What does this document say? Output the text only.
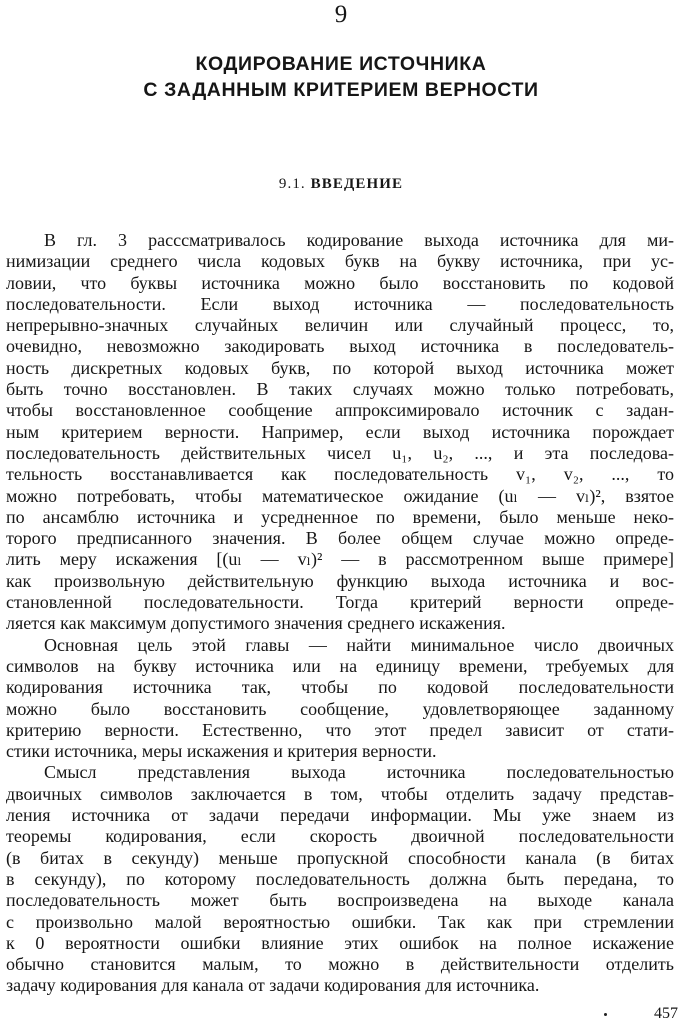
9
КОДИРОВАНИЕ ИСТОЧНИКА
С ЗАДАННЫМ КРИТЕРИЕМ ВЕРНОСТИ
9.1. ВВЕДЕНИЕ
В гл. 3 расссматривалось кодирование выхода источника для ми-
нимизации среднего числа кодовых букв на букву источника, при ус-
ловии, что буквы источника можно было восстановить по кодовой
последовательности. Если выход источника — последовательность
непрерывно-значных случайных величин или случайный процесс, то,
очевидно, невозможно закодировать выход источника в последователь-
ность дискретных кодовых букв, по которой выход источника может
быть точно восстановлен. В таких случаях можно только потребовать,
чтобы восстановленное сообщение аппроксимировало источник с задан-
ным критерием верности. Например, если выход источника порождает
последовательность действительных чисел u₁, u₂, ..., и эта последова-
тельность восстанавливается как последовательность v₁, v₂, ..., то
можно потребовать, чтобы математическое ожидание (uₗ — vₗ)², взятое
по ансамблю источника и усредненное по времени, было меньше неко-
торого предписанного значения. В более общем случае можно опреде-
лить меру искажения [(uₗ — vₗ)² — в рассмотренном выше примере]
как произвольную действительную функцию выхода источника и вос-
становленной последовательности. Тогда критерий верности опреде-
ляется как максимум допустимого значения среднего искажения.
Основная цель этой главы — найти минимальное число двоичных
символов на букву источника или на единицу времени, требуемых для
кодирования источника так, чтобы по кодовой последовательности
можно было восстановить сообщение, удовлетворяющее заданному
критерию верности. Естественно, что этот предел зависит от стати-
стики источника, меры искажения и критерия верности.
Смысл представления выхода источника последовательностью
двоичных символов заключается в том, чтобы отделить задачу представ-
ления источника от задачи передачи информации. Мы уже знаем из
теоремы кодирования, если скорость двоичной последовательности
(в битах в секунду) меньше пропускной способности канала (в битах
в секунду), по которому последовательность должна быть передана, то
последовательность может быть воспроизведена на выходе канала
с произвольно малой вероятностью ошибки. Так как при стремлении
к 0 вероятности ошибки влияние этих ошибок на полное искажение
обычно становится малым, то можно в действительности отделить
задачу кодирования для канала от задачи кодирования для источника.
457
